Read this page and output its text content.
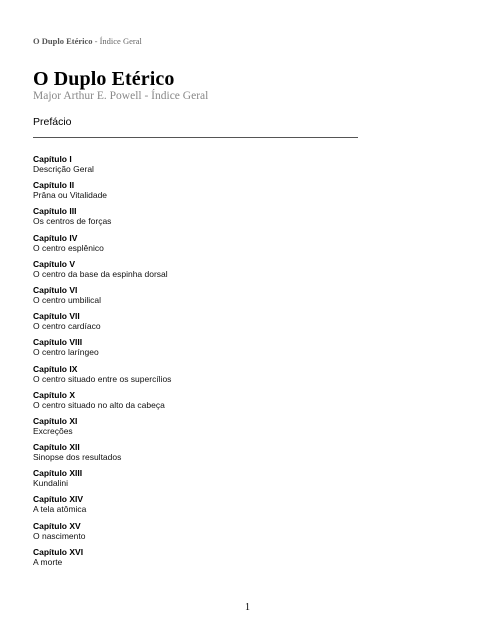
O Duplo Etérico - Índice Geral
O Duplo Etérico
Major Arthur E. Powell - Índice Geral
Prefácio
Capítulo I
Descrição Geral
Capítulo II
Prâna ou Vitalidade
Capítulo III
Os centros de forças
Capítulo IV
O centro esplênico
Capítulo V
O centro da base da espinha dorsal
Capítulo VI
O centro umbilical
Capítulo VII
O centro cardíaco
Capítulo VIII
O centro laríngeo
Capítulo IX
O centro situado entre os supercílios
Capítulo X
O centro situado no alto da cabeça
Capítulo XI
Excreções
Capítulo XII
Sinopse dos resultados
Capítulo XIII
Kundalini
Capítulo XIV
A tela atômica
Capítulo XV
O nascimento
Capítulo XVI
A morte
1
